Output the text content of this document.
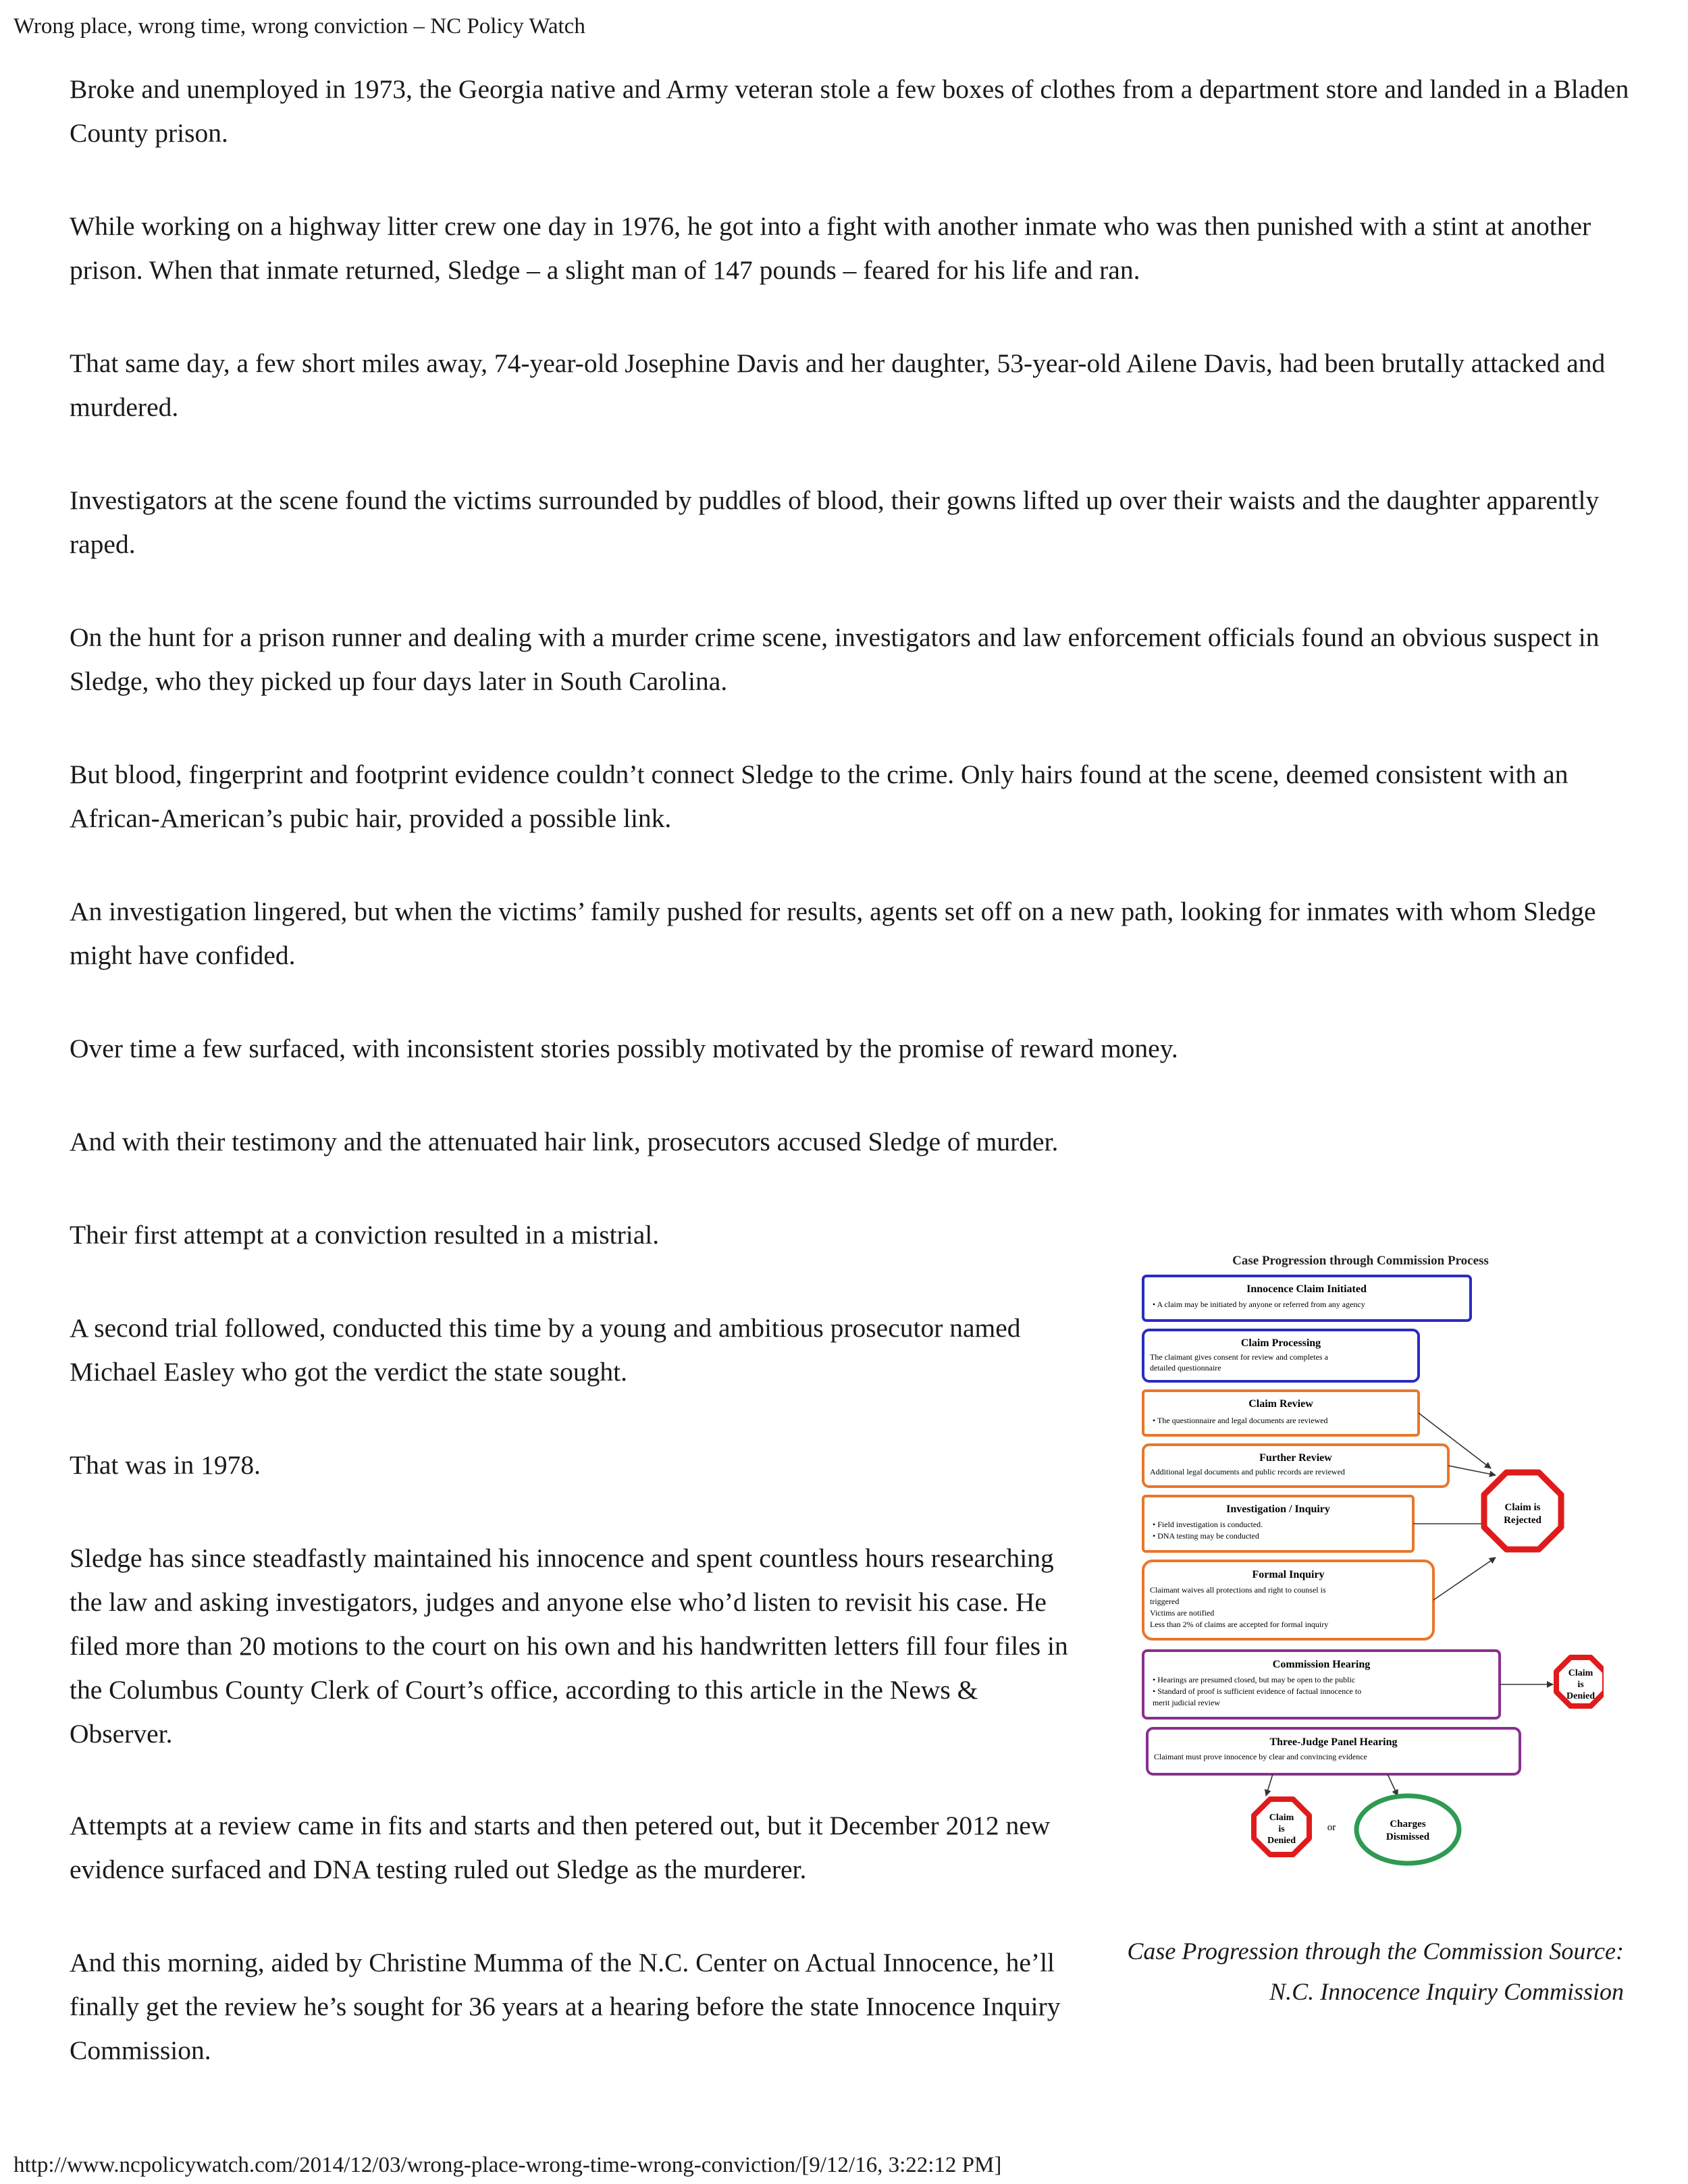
Wrong place, wrong time, wrong conviction – NC Policy Watch

Broke and unemployed in 1973, the Georgia native and Army veteran stole a few boxes of clothes from a department store and landed in a Bladen County prison.

While working on a highway litter crew one day in 1976, he got into a fight with another inmate who was then punished with a stint at another prison. When that inmate returned, Sledge – a slight man of 147 pounds – feared for his life and ran.

That same day, a few short miles away, 74-year-old Josephine Davis and her daughter, 53-year-old Ailene Davis, had been brutally attacked and murdered.

Investigators at the scene found the victims surrounded by puddles of blood, their gowns lifted up over their waists and the daughter apparently raped.

On the hunt for a prison runner and dealing with a murder crime scene, investigators and law enforcement officials found an obvious suspect in Sledge, who they picked up four days later in South Carolina.

But blood, fingerprint and footprint evidence couldn’t connect Sledge to the crime. Only hairs found at the scene, deemed consistent with an African-American’s pubic hair, provided a possible link.

An investigation lingered, but when the victims’ family pushed for results, agents set off on a new path, looking for inmates with whom Sledge might have confided.

Over time a few surfaced, with inconsistent stories possibly motivated by the promise of reward money.

And with their testimony and the attenuated hair link, prosecutors accused Sledge of murder.

Their first attempt at a conviction resulted in a mistrial.

A second trial followed, conducted this time by a young and ambitious prosecutor named Michael Easley who got the verdict the state sought.

That was in 1978.

Sledge has since steadfastly maintained his innocence and spent countless hours researching the law and asking investigators, judges and anyone else who’d listen to revisit his case. He filed more than 20 motions to the court on his own and his handwritten letters fill four files in the Columbus County Clerk of Court’s office, according to this article in the News & Observer.

Attempts at a review came in fits and starts and then petered out, but it December 2012 new evidence surfaced and DNA testing ruled out Sledge as the murderer.

And this morning, aided by Christine Mumma of the N.C. Center on Actual Innocence, he’ll finally get the review he’s sought for 36 years at a hearing before the state Innocence Inquiry Commission.

Case Progression through Commission Process
Innocence Claim Initiated
• A claim may be initiated by anyone or referred from any agency
Claim Processing
The claimant gives consent for review and completes a
detailed questionnaire
Claim Review
• The questionnaire and legal documents are reviewed
Further Review
Additional legal documents and public records are reviewed
Investigation / Inquiry
• Field investigation is conducted.
• DNA testing may be conducted
Formal Inquiry
Claimant waives all protections and right to counsel is
triggered
Victims are notified
Less than 2% of claims are accepted for formal inquiry
Commission Hearing
• Hearings are presumed closed, but may be open to the public
• Standard of proof is sufficient evidence of factual innocence to
merit judicial review
Three-Judge Panel Hearing
Claimant must prove innocence by clear and convincing evidence
Claim is
Rejected
Claim
is
Denied
Claim
is
Denied
or	Charges
Dismissed
Case Progression through the Commission Source:
N.C. Innocence Inquiry Commission
http://www.ncpolicywatch.com/2014/12/03/wrong-place-wrong-time-wrong-conviction/[9/12/16, 3:22:12 PM]
